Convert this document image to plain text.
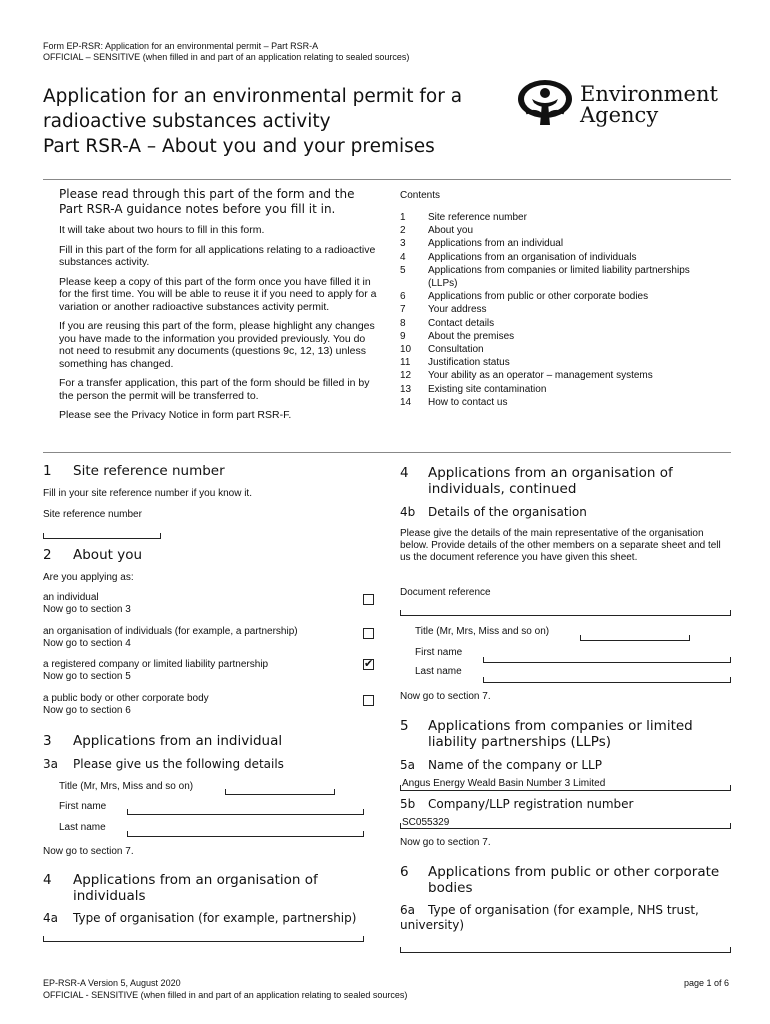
Form EP-RSR: Application for an environmental permit – Part RSR-A
OFFICIAL – SENSITIVE (when filled in and part of an application relating to sealed sources)
Application for an environmental permit for a
radioactive substances activity
Part RSR-A – About you and your premises
Environment
Agency
Please read through this part of the form and the
Part RSR-A guidance notes before you fill it in.

It will take about two hours to fill in this form.

Fill in this part of the form for all applications relating to a radioactive substances activity.

Please keep a copy of this part of the form once you have filled it in for the first time. You will be able to reuse it if you need to apply for a variation or another radioactive substances activity permit.

If you are reusing this part of the form, please highlight any changes you have made to the information you provided previously. You do not need to resubmit any documents (questions 9c, 12, 13) unless something has changed.

For a transfer application, this part of the form should be filled in by the person the permit will be transferred to.

Please see the Privacy Notice in form part RSR-F.

Contents
1	Site reference number
2	About you
3	Applications from an individual
4	Applications from an organisation of individuals
5	Applications from companies or limited liability partnerships (LLPs)
6	Applications from public or other corporate bodies
7	Your address
8	Contact details
9	About the premises
10	Consultation
11	Justification status
12	Your ability as an operator – management systems
13	Existing site contamination
14	How to contact us
1 Site reference number
Fill in your site reference number if you know it.
Site reference number
2 About you
Are you applying as:
an individual
Now go to section 3
an organisation of individuals (for example, a partnership)
Now go to section 4
a registered company or limited liability partnership
Now go to section 5
✔
a public body or other corporate body
Now go to section 6
3 Applications from an individual
3a Please give us the following details
Title (Mr, Mrs, Miss and so on)
First name
Last name
Now go to section 7.
4 Applications from an organisation of
individuals
4a Type of organisation (for example, partnership)
4 Applications from an organisation of
individuals, continued
4b Details of the organisation
Please give the details of the main representative of the organisation below. Provide details of the other members on a separate sheet and tell us the document reference you have given this sheet.
Document reference
Title (Mr, Mrs, Miss and so on)
First name
Last name
Now go to section 7.
5 Applications from companies or limited
liability partnerships (LLPs)
5a Name of the company or LLP
Angus Energy Weald Basin Number 3 Limited
5b Company/LLP registration number
SC055329
Now go to section 7.
6 Applications from public or other corporate
bodies
6a Type of organisation (for example, NHS trust,
university)
EP-RSR-A Version 5, August 2020	page 1 of 6
OFFICIAL - SENSITIVE (when filled in and part of an application relating to sealed sources)
